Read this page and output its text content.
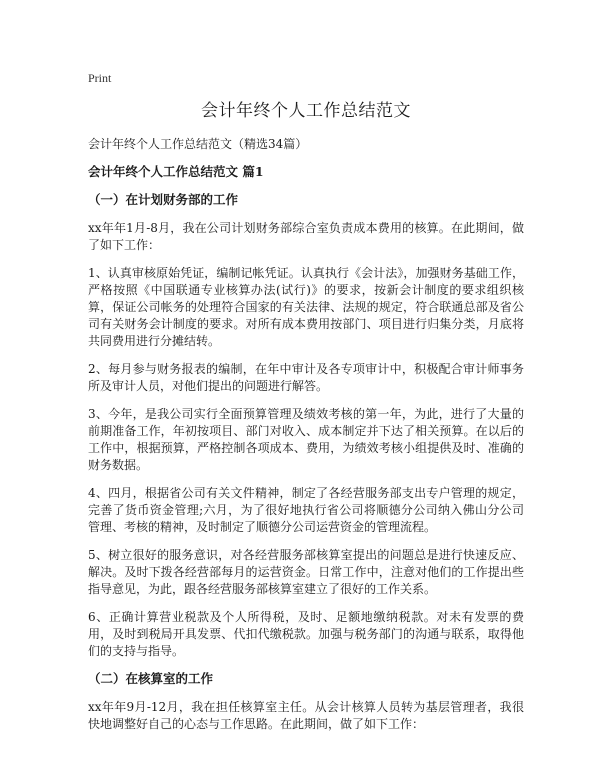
Print
会计年终个人工作总结范文
会计年终个人工作总结范文（精选34篇）
会计年终个人工作总结范文 篇1
（一）在计划财务部的工作

xx年年1月-8月，我在公司计划财务部综合室负责成本费用的核算。在此期间，做了如下工作：

1、认真审核原始凭证，编制记帐凭证。认真执行《会计法》，加强财务基础工作，严格按照《中国联通专业核算办法(试行)》的要求，按新会计制度的要求组织核算，保证公司帐务的处理符合国家的有关法律、法规的规定，符合联通总部及省公司有关财务会计制度的要求。对所有成本费用按部门、项目进行归集分类，月底将共同费用进行分摊结转。

2、每月参与财务报表的编制，在年中审计及各专项审计中，积极配合审计师事务所及审计人员，对他们提出的问题进行解答。

3、今年，是我公司实行全面预算管理及绩效考核的第一年，为此，进行了大量的前期准备工作，年初按项目、部门对收入、成本制定并下达了相关预算。在以后的工作中，根据预算，严格控制各项成本、费用，为绩效考核小组提供及时、准确的财务数据。

4、四月，根据省公司有关文件精神，制定了各经营服务部支出专户管理的规定，完善了货币资金管理;六月，为了很好地执行省公司将顺德分公司纳入佛山分公司管理、考核的精神，及时制定了顺德分公司运营资金的管理流程。

5、树立很好的服务意识，对各经营服务部核算室提出的问题总是进行快速反应、解决。及时下拨各经营部每月的运营资金。日常工作中，注意对他们的工作提出些指导意见，为此，跟各经营服务部核算室建立了很好的工作关系。

6、正确计算营业税款及个人所得税，及时、足额地缴纳税款。对未有发票的费用，及时到税局开具发票、代扣代缴税款。加强与税务部门的沟通与联系，取得他们的支持与指导。

（二）在核算室的工作

xx年年9月-12月，我在担任核算室主任。从会计核算人员转为基层管理者，我很快地调整好自己的心态与工作思路。在此期间，做了如下工作：
